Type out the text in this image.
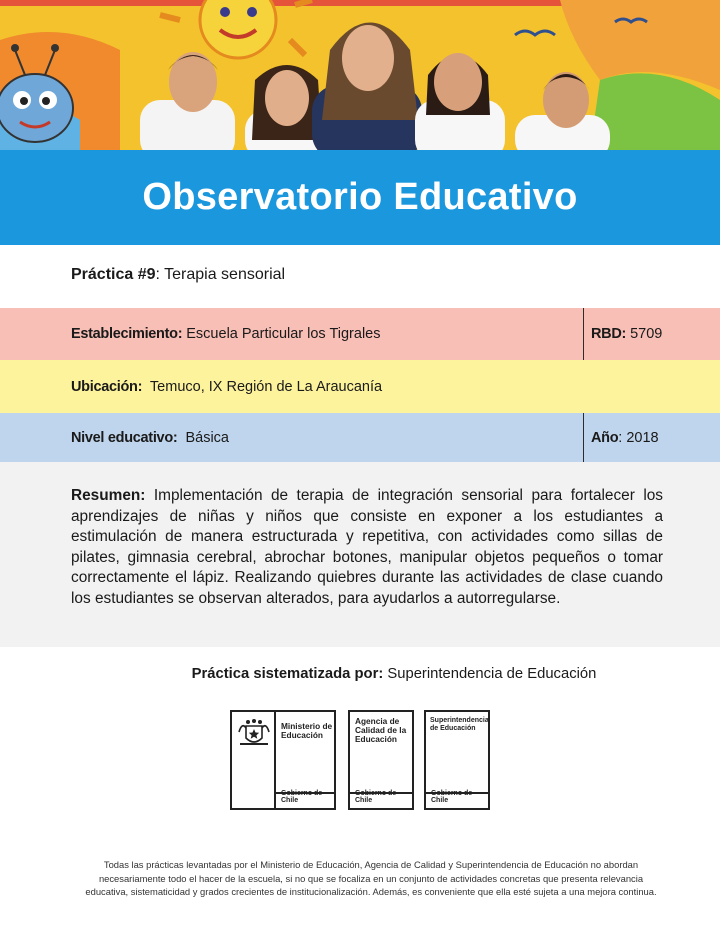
Observatorio Educativo
Práctica #9: Terapia sensorial
Establecimiento: Escuela Particular los Tigrales	RBD: 5709
Ubicación: Temuco, IX Región de La Araucanía
Nivel educativo: Básica	Año : 2018

Resumen: Implementación de terapia de integración sensorial para fortalecer los aprendizajes de niñas y niños que consiste en exponer a los estudiantes a estimulación de manera estructurada y repetitiva, con actividades como sillas de pilates, gimnasia cerebral, abrochar botones, manipular objetos pequeños o tomar correctamente el lápiz. Realizando quiebres durante las actividades de clase cuando los estudiantes se observan alterados, para ayudarlos a autorregularse.

Práctica sistematizada por: Superintendencia de Educación
Ministerio de
Educación
Gobierno de Chile
Agencia de
Calidad de la
Educación
Gobierno de Chile
Superintendencia
de Educación
Gobierno de Chile
Todas las prácticas levantadas por el Ministerio de Educación, Agencia de Calidad y Superintendencia de Educación no abordan
necesariamente todo el hacer de la escuela, si no que se focaliza en un conjunto de actividades concretas que presenta relevancia
educativa, sistematicidad y grados crecientes de institucionalización. Además, es conveniente que ella esté sujeta a una mejora continua.
